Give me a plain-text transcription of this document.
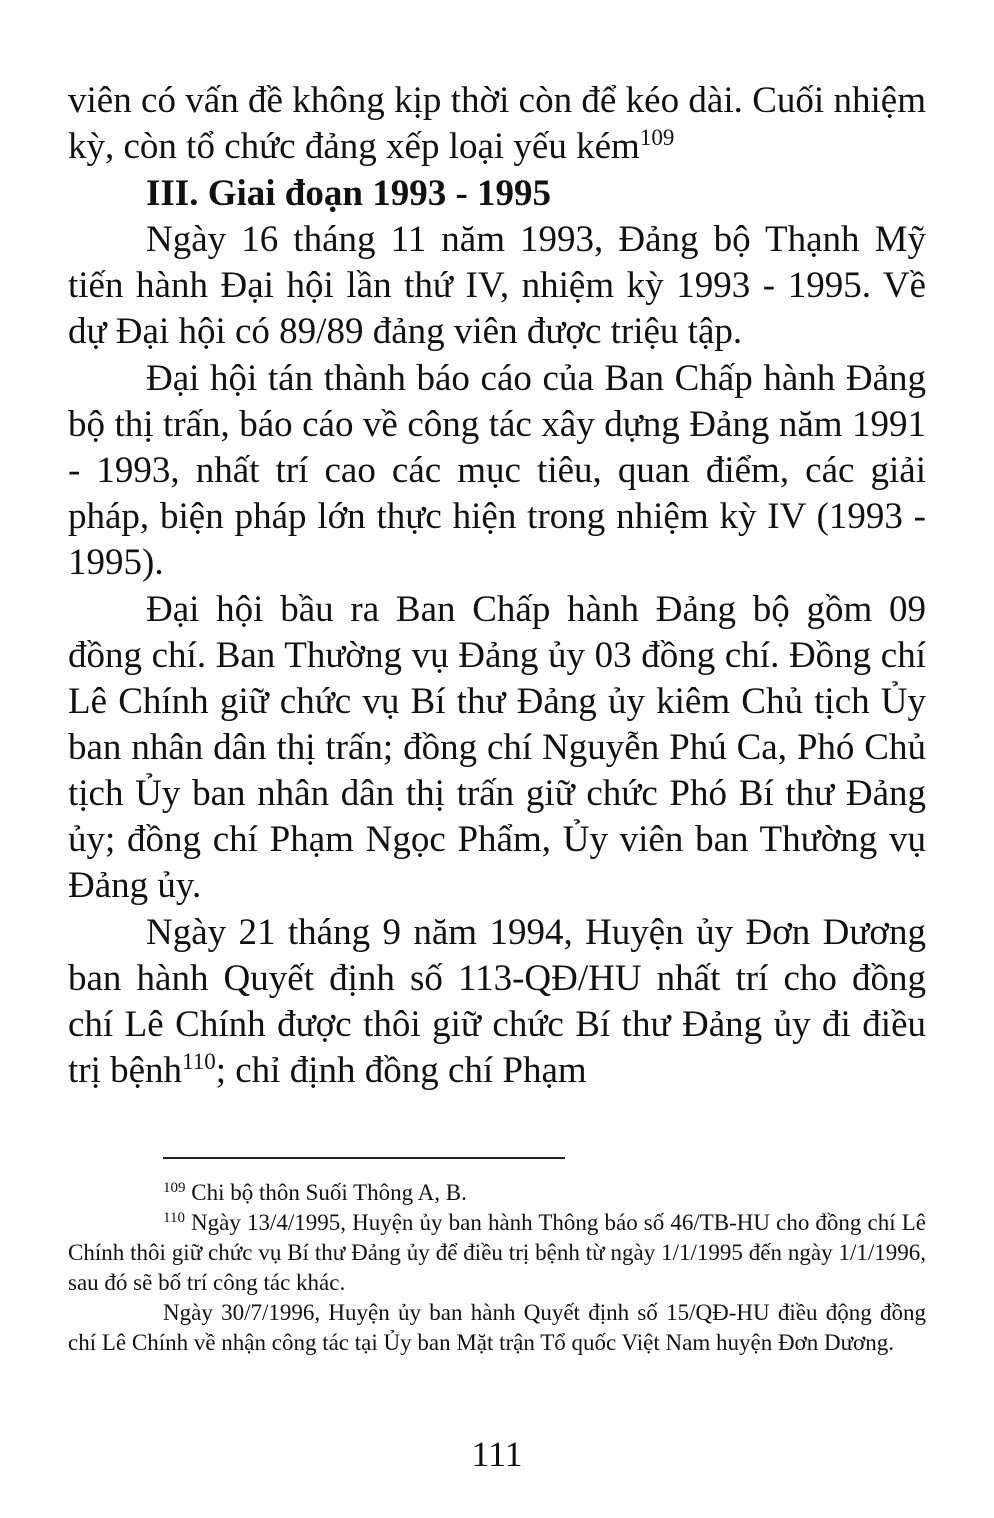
viên có vấn đề không kịp thời còn để kéo dài. Cuối nhiệm kỳ, còn tổ chức đảng xếp loại yếu kém$^{109}$

III. Giai đoạn 1993 - 1995

Ngày 16 tháng 11 năm 1993, Đảng bộ Thạnh Mỹ tiến hành Đại hội lần thứ IV, nhiệm kỳ 1993 - 1995. Về dự Đại hội có 89/89 đảng viên được triệu tập.

Đại hội tán thành báo cáo của Ban Chấp hành Đảng bộ thị trấn, báo cáo về công tác xây dựng Đảng năm 1991 - 1993, nhất trí cao các mục tiêu, quan điểm, các giải pháp, biện pháp lớn thực hiện trong nhiệm kỳ IV (1993 - 1995).

Đại hội bầu ra Ban Chấp hành Đảng bộ gồm 09 đồng chí. Ban Thường vụ Đảng ủy 03 đồng chí. Đồng chí Lê Chính giữ chức vụ Bí thư Đảng ủy kiêm Chủ tịch Ủy ban nhân dân thị trấn; đồng chí Nguyễn Phú Ca, Phó Chủ tịch Ủy ban nhân dân thị trấn giữ chức Phó Bí thư Đảng ủy; đồng chí Phạm Ngọc Phẩm, Ủy viên ban Thường vụ Đảng ủy.

Ngày 21 tháng 9 năm 1994, Huyện ủy Đơn Dương ban hành Quyết định số 113-QĐ/HU nhất trí cho đồng chí Lê Chính được thôi giữ chức Bí thư Đảng ủy đi điều trị bệnh$^{110}$; chỉ định đồng chí Phạm

$^{109}$ Chi bộ thôn Suối Thông A, B.

$^{110}$ Ngày 13/4/1995, Huyện ủy ban hành Thông báo số 46/TB-HU cho đồng chí Lê Chính thôi giữ chức vụ Bí thư Đảng ủy để điều trị bệnh từ ngày 1/1/1995 đến ngày 1/1/1996, sau đó sẽ bố trí công tác khác.

Ngày 30/7/1996, Huyện ủy ban hành Quyết định số 15/QĐ-HU điều động đồng chí Lê Chính về nhận công tác tại Ủy ban Mặt trận Tổ quốc Việt Nam huyện Đơn Dương.

111
